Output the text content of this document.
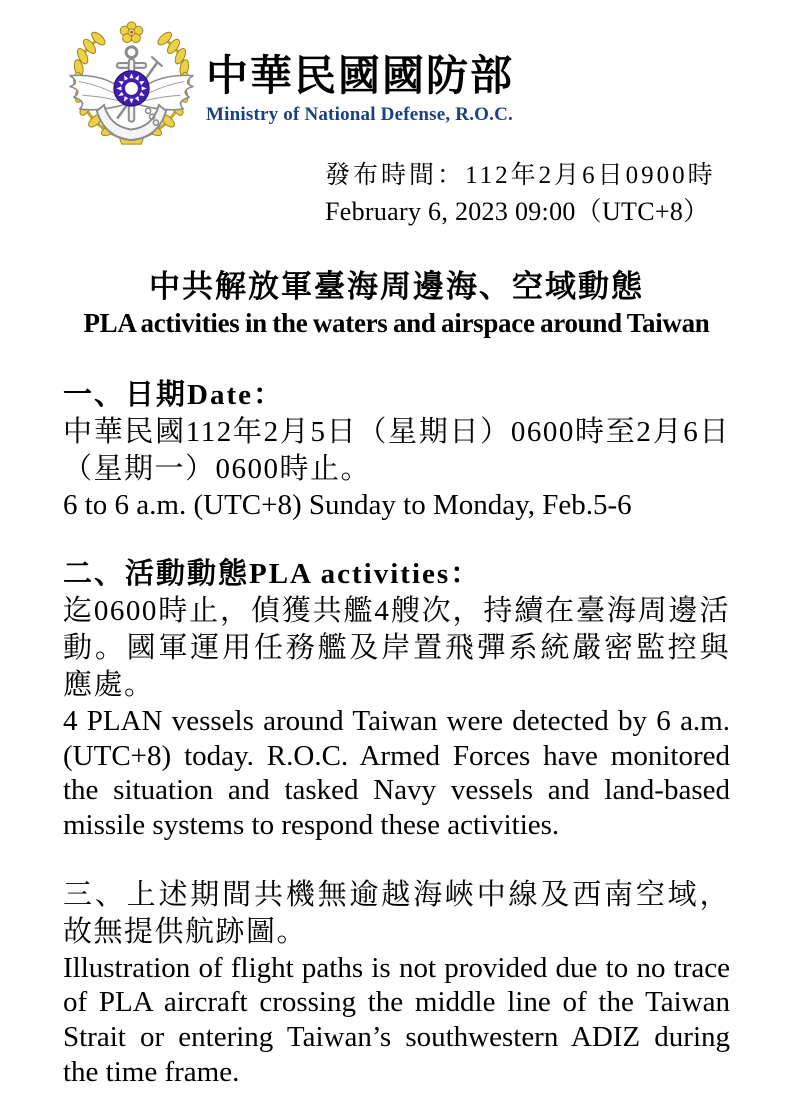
中華民國國防部
Ministry of National Defense, R.O.C.
發布時間：112年2月6日0900時
February 6, 2023 09:00（UTC+8）
中共解放軍臺海周邊海、空域動態
PLA activities in the waters and airspace around Taiwan
一、日期Date：

中華民國112年2月5日（星期日）0600時至2月6日（星期一）0600時止。

6 to 6 a.m. (UTC+8) Sunday to Monday, Feb.5-6

二、活動動態PLA activities：

迄0600時止，偵獲共艦4艘次，持續在臺海周邊活動。國軍運用任務艦及岸置飛彈系統嚴密監控與應處。

4 PLAN vessels around Taiwan were detected by 6 a.m.(UTC+8) today. R.O.C. Armed Forces have monitored the situation and tasked Navy vessels and land-based missile systems to respond these activities.

三、上述期間共機無逾越海峽中線及西南空域，故無提供航跡圖。

Illustration of flight paths is not provided due to no trace of PLA aircraft crossing the middle line of the Taiwan Strait or entering Taiwan’s southwestern ADIZ during the time frame.
